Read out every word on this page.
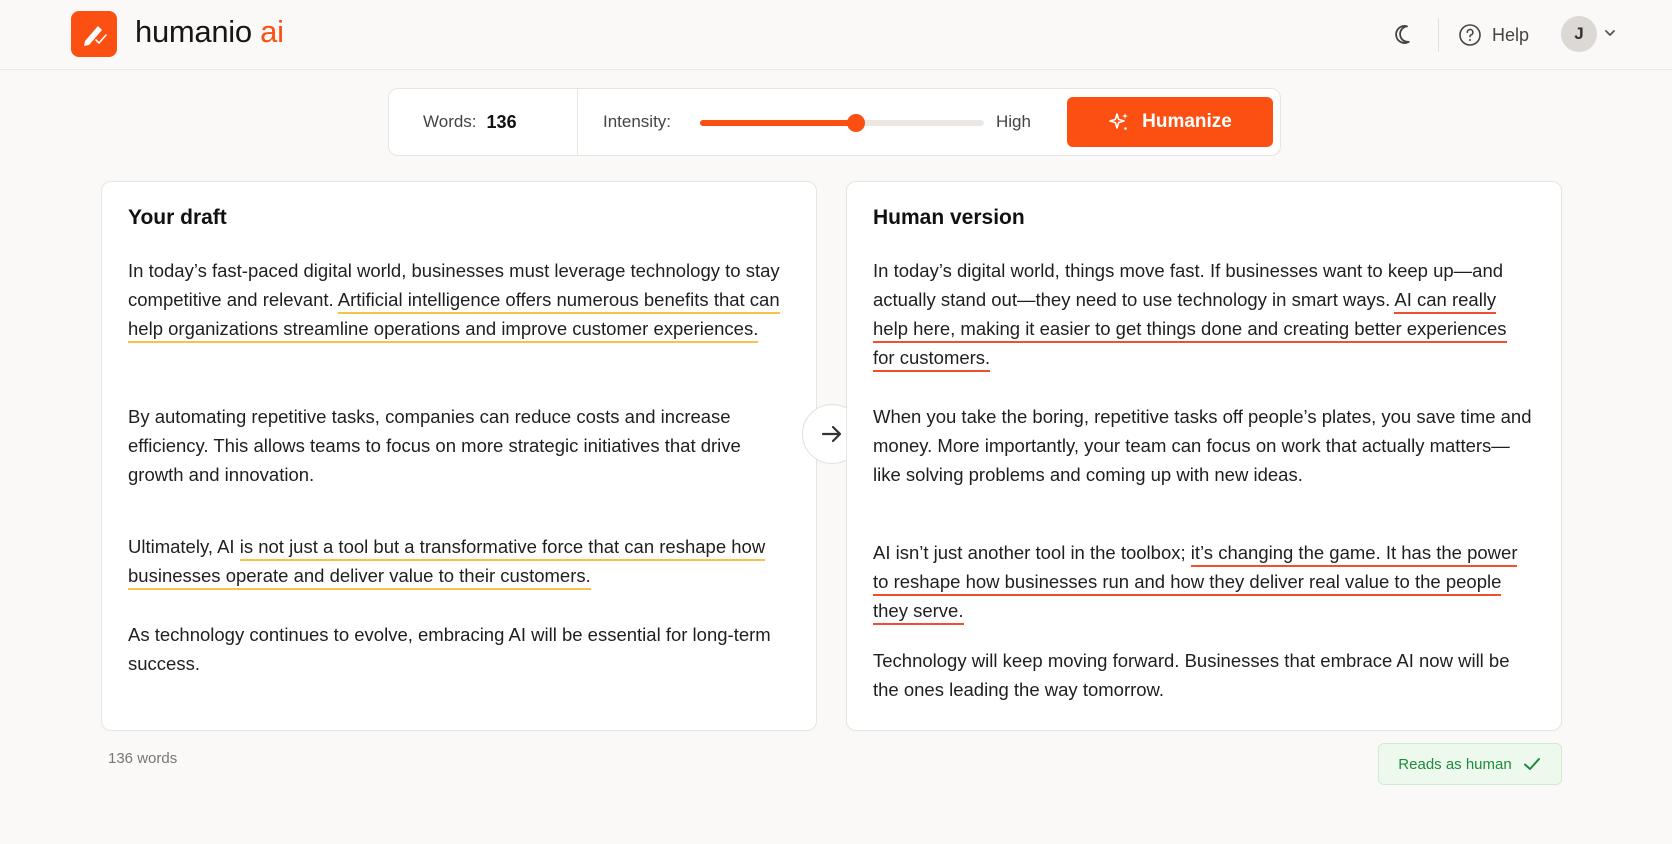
humanio ai	Help	J
Words: 136	Intensity:	High	Humanize
Your draft
In today’s fast-paced digital world, businesses must leverage technology to stay competitive and relevant. Artificial intelligence offers numerous benefits that can help organizations streamline operations and improve customer experiences.
By automating repetitive tasks, companies can reduce costs and increase efficiency. This allows teams to focus on more strategic initiatives that drive growth and innovation.
Ultimately, AI is not just a tool but a transformative force that can reshape how businesses operate and deliver value to their customers.
As technology continues to evolve, embracing AI will be essential for long-term success.
Human version
In today’s digital world, things move fast. If businesses want to keep up—and actually stand out—they need to use technology in smart ways. AI can really help here, making it easier to get things done and creating better experiences for customers.
When you take the boring, repetitive tasks off people’s plates, you save time and money. More importantly, your team can focus on work that actually matters—like solving problems and coming up with new ideas.
AI isn’t just another tool in the toolbox; it’s changing the game. It has the power to reshape how businesses run and how they deliver real value to the people they serve.
Technology will keep moving forward. Businesses that embrace AI now will be the ones leading the way tomorrow.
136 words	Reads as human
